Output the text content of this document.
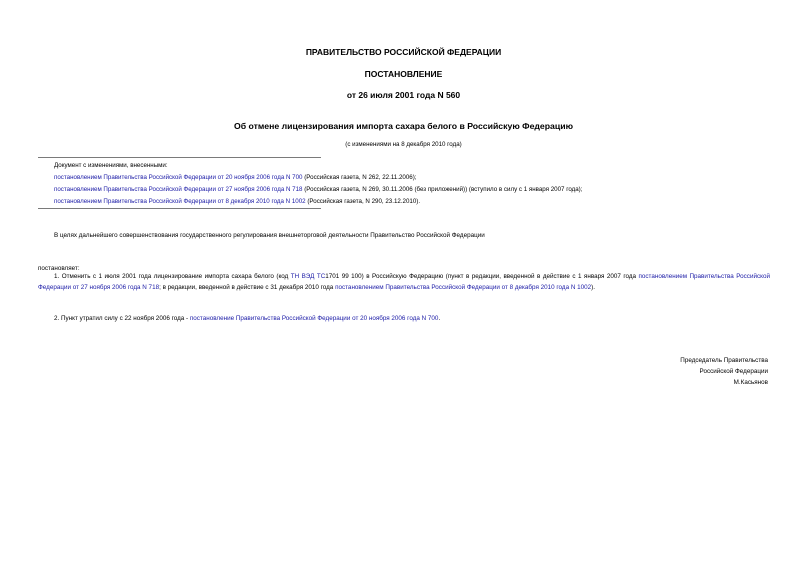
ПРАВИТЕЛЬСТВО РОССИЙСКОЙ ФЕДЕРАЦИИ
ПОСТАНОВЛЕНИЕ
от 26 июля 2001 года N 560
Об отмене лицензирования импорта сахара белого в Российскую Федерацию
(с изменениями на 8 декабря 2010 года)
Документ с изменениями, внесенными:
постановлением Правительства Российской Федерации от 20 ноября 2006 года N 700 (Российская газета, N 262, 22.11.2006);
постановлением Правительства Российской Федерации от 27 ноября 2006 года N 718 (Российская газета, N 269, 30.11.2006 (без приложений)) (вступило в силу с 1 января 2007 года);
постановлением Правительства Российской Федерации от 8 декабря 2010 года N 1002 (Российская газета, N 290, 23.12.2010).
В целях дальнейшего совершенствования государственного регулирования внешнеторговой деятельности Правительство Российской Федерации
постановляет:
1. Отменить с 1 июля 2001 года лицензирование импорта сахара белого (код ТН ВЭД ТС1701 99 100) в Российскую Федерацию (пункт в редакции, введенной в действие с 1 января 2007 года постановлением Правительства Российской Федерации от 27 ноября 2006 года N 718; в редакции, введенной в действие с 31 декабря 2010 года постановлением Правительства Российской Федерации от 8 декабря 2010 года N 1002).
2. Пункт утратил силу с 22 ноября 2006 года - постановление Правительства Российской Федерации от 20 ноября 2006 года N 700.
Председатель Правительства
Российской Федерации
М.Касьянов
